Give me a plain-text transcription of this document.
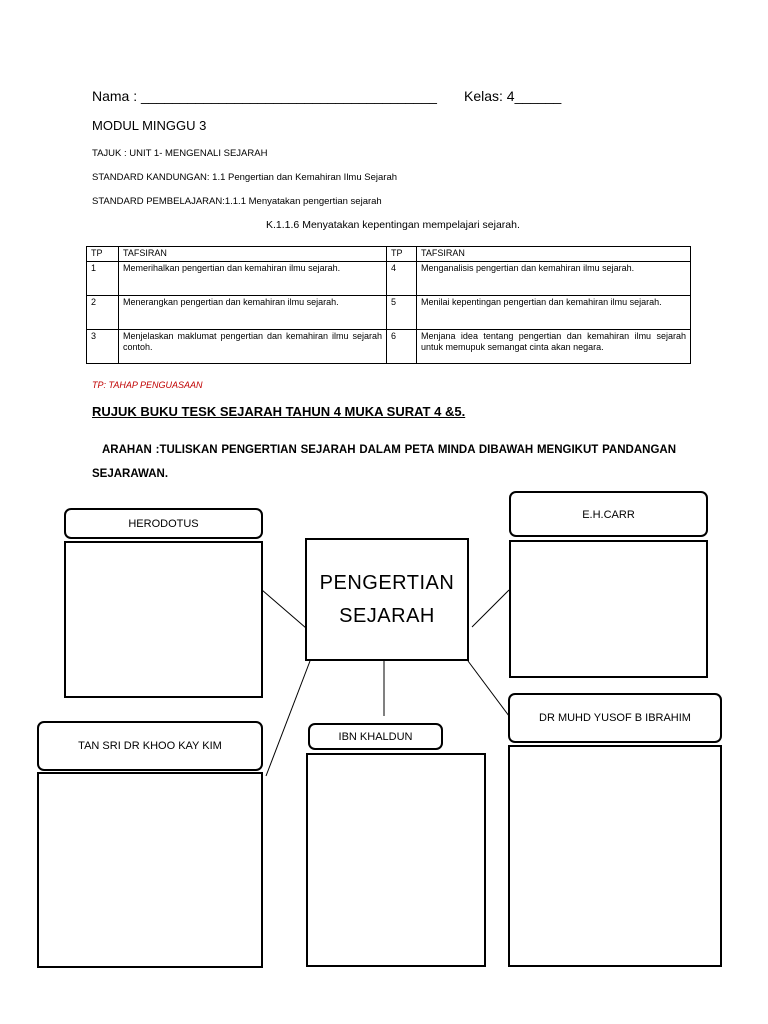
Nama : ______________________________________ Kelas: 4______
MODUL MINGGU 3
TAJUK : UNIT 1- MENGENALI SEJARAH
STANDARD KANDUNGAN: 1.1 Pengertian dan Kemahiran Ilmu Sejarah
STANDARD PEMBELAJARAN:1.1.1 Menyatakan pengertian sejarah
K.1.1.6 Menyatakan kepentingan mempelajari sejarah.
TP	TAFSIRAN	TP	TAFSIRAN
1	Memerihalkan pengertian dan kemahiran ilmu sejarah.	4	Menganalisis pengertian dan kemahiran ilmu sejarah.
2	Menerangkan pengertian dan kemahiran ilmu sejarah.	5	Menilai kepentingan pengertian dan kemahiran ilmu sejarah.
3	Menjelaskan maklumat pengertian dan kemahiran ilmu sejarah contoh.	6	Menjana idea tentang pengertian dan kemahiran ilmu sejarah untuk memupuk semangat cinta akan negara.
TP: TAHAP PENGUASAAN
RUJUK BUKU TESK SEJARAH TAHUN 4 MUKA SURAT 4 &5.
ARAHAN :TULISKAN PENGERTIAN SEJARAH DALAM PETA MINDA DIBAWAH MENGIKUT PANDANGAN SEJARAWAN.
HERODOTUS
E.H.CARR
PENGERTIAN
SEJARAH
TAN SRI DR KHOO KAY KIM
IBN KHALDUN
DR MUHD YUSOF B IBRAHIM
